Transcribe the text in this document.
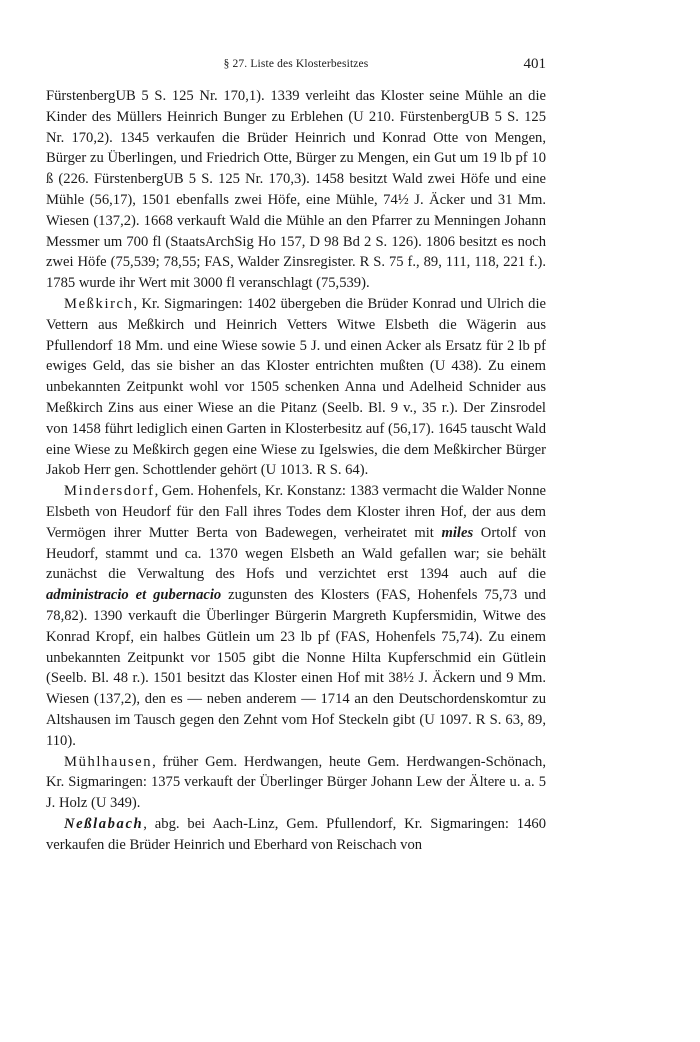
§ 27. Liste des Klosterbesitzes	401

FürstenbergUB 5 S. 125 Nr. 170,1). 1339 verleiht das Kloster seine Mühle an die Kinder des Müllers Heinrich Bunger zu Erblehen (U 210. FürstenbergUB 5 S. 125 Nr. 170,2). 1345 verkaufen die Brüder Heinrich und Konrad Otte von Mengen, Bürger zu Überlingen, und Friedrich Otte, Bürger zu Mengen, ein Gut um 19 lb pf 10 ß (226. FürstenbergUB 5 S. 125 Nr. 170,3). 1458 besitzt Wald zwei Höfe und eine Mühle (56,17), 1501 ebenfalls zwei Höfe, eine Mühle, 74½ J. Äcker und 31 Mm. Wiesen (137,2). 1668 verkauft Wald die Mühle an den Pfarrer zu Menningen Johann Messmer um 700 fl (StaatsArchSig Ho 157, D 98 Bd 2 S. 126). 1806 besitzt es noch zwei Höfe (75,539; 78,55; FAS, Walder Zinsregister. R S. 75 f., 89, 111, 118, 221 f.). 1785 wurde ihr Wert mit 3000 fl veranschlagt (75,539).

Meßkirch, Kr. Sigmaringen: 1402 übergeben die Brüder Konrad und Ulrich die Vettern aus Meßkirch und Heinrich Vetters Witwe Elsbeth die Wägerin aus Pfullendorf 18 Mm. und eine Wiese sowie 5 J. und einen Acker als Ersatz für 2 lb pf ewiges Geld, das sie bisher an das Kloster entrichten mußten (U 438). Zu einem unbekannten Zeitpunkt wohl vor 1505 schenken Anna und Adelheid Schnider aus Meßkirch Zins aus einer Wiese an die Pitanz (Seelb. Bl. 9 v., 35 r.). Der Zinsrodel von 1458 führt lediglich einen Garten in Klosterbesitz auf (56,17). 1645 tauscht Wald eine Wiese zu Meßkirch gegen eine Wiese zu Igelswies, die dem Meßkircher Bürger Jakob Herr gen. Schottlender gehört (U 1013. R S. 64).

Mindersdorf, Gem. Hohenfels, Kr. Konstanz: 1383 vermacht die Walder Nonne Elsbeth von Heudorf für den Fall ihres Todes dem Kloster ihren Hof, der aus dem Vermögen ihrer Mutter Berta von Badewegen, verheiratet mit miles Ortolf von Heudorf, stammt und ca. 1370 wegen Elsbeth an Wald gefallen war; sie behält zunächst die Verwaltung des Hofs und verzichtet erst 1394 auch auf die administracio et gubernacio zugunsten des Klosters (FAS, Hohenfels 75,73 und 78,82). 1390 verkauft die Überlinger Bürgerin Margreth Kupfersmidin, Witwe des Konrad Kropf, ein halbes Gütlein um 23 lb pf (FAS, Hohenfels 75,74). Zu einem unbekannten Zeitpunkt vor 1505 gibt die Nonne Hilta Kupferschmid ein Gütlein (Seelb. Bl. 48 r.). 1501 besitzt das Kloster einen Hof mit 38½ J. Äckern und 9 Mm. Wiesen (137,2), den es — neben anderem — 1714 an den Deutschordenskomtur zu Altshausen im Tausch gegen den Zehnt vom Hof Steckeln gibt (U 1097. R S. 63, 89, 110).

Mühlhausen, früher Gem. Herdwangen, heute Gem. Herdwangen-Schönach, Kr. Sigmaringen: 1375 verkauft der Überlinger Bürger Johann Lew der Ältere u. a. 5 J. Holz (U 349).

Neßlabach, abg. bei Aach-Linz, Gem. Pfullendorf, Kr. Sigmaringen: 1460 verkaufen die Brüder Heinrich und Eberhard von Reischach von
